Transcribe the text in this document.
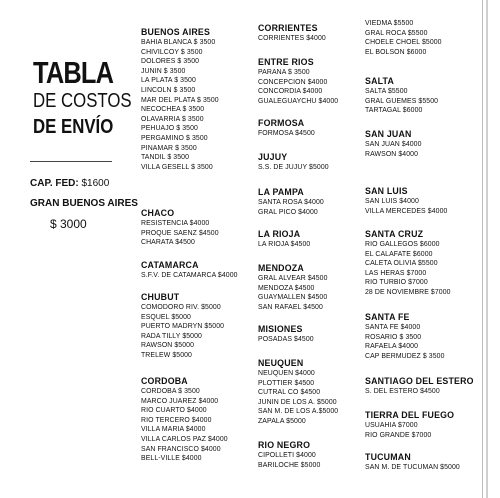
TABLA
DE COSTOS
DE ENVÍO
CAP. FED: $1600
GRAN BUENOS AIRES
$ 3000
BUENOS AIRES
BAHIA BLANCA $ 3500
CHIVILCOY $ 3500
DOLORES $ 3500
JUNIN $ 3500
LA PLATA $ 3500
LINCOLN $ 3500
MAR DEL PLATA $ 3500
NECOCHEA $ 3500
OLAVARRIA $ 3500
PEHUAJO $ 3500
PERGAMINO $ 3500
PINAMAR $ 3500
TANDIL $ 3500
VILLA GESELL $ 3500
CHACO
RESISTENCIA $4000
PROQUE SAENZ $4500
CHARATA $4500
CATAMARCA
S.F.V. DE CATAMARCA $4000
CHUBUT
COMODORO RIV. $5000
ESQUEL $5000
PUERTO MADRYN $5000
RADA TILLY $5000
RAWSON $5000
TRELEW $5000
CORDOBA
CORDOBA $ 3500
MARCO JUAREZ $4000
RIO CUARTO $4000
RIO TERCERO $4000
VILLA MARIA $4000
VILLA CARLOS PAZ $4000
SAN FRANCISCO $4000
BELL-VILLE $4000
CORRIENTES
CORRIENTES $4000
ENTRE RIOS
PARANA $ 3500
CONCEPCION $4000
CONCORDIA $4000
GUALEGUAYCHU $4000
FORMOSA
FORMOSA $4500
JUJUY
S.S. DE JUJUY $5000
LA PAMPA
SANTA ROSA $4000
GRAL PICO $4000
LA RIOJA
LA RIOJA $4500
MENDOZA
GRAL ALVEAR $4500
MENDOZA $4500
GUAYMALLEN $4500
SAN RAFAEL $4500
MISIONES
POSADAS $4500
NEUQUEN
NEUQUEN $4000
PLOTTIER $4500
CUTRAL CO $4500
JUNIN DE LOS A. $5000
SAN M. DE LOS A.$5000
ZAPALA $5000
RIO NEGRO
CIPOLLETI $4000
BARILOCHE $5000
VIEDMA $5500
GRAL ROCA $5500
CHOELE CHOEL $5000
EL BOLSON $6000
SALTA
SALTA $5500
GRAL GUEMES $5500
TARTAGAL $6000
SAN JUAN
SAN JUAN $4000
RAWSON $4000
SAN LUIS
SAN LUIS $4000
VILLA MERCEDES $4000
SANTA CRUZ
RIO GALLEGOS $6000
EL CALAFATE $6000
CALETA OLIVIA $5500
LAS HERAS $7000
RIO TURBIO $7000
28 DE NOVIEMBRE $7000
SANTA FE
SANTA FE $4000
ROSARIO $ 3500
RAFAELA $4000
CAP BERMUDEZ $ 3500
SANTIAGO DEL ESTERO
S. DEL ESTERO $4500
TIERRA DEL FUEGO
USUAHIA $7000
RIO GRANDE $7000
TUCUMAN
SAN M. DE TUCUMAN $5000
